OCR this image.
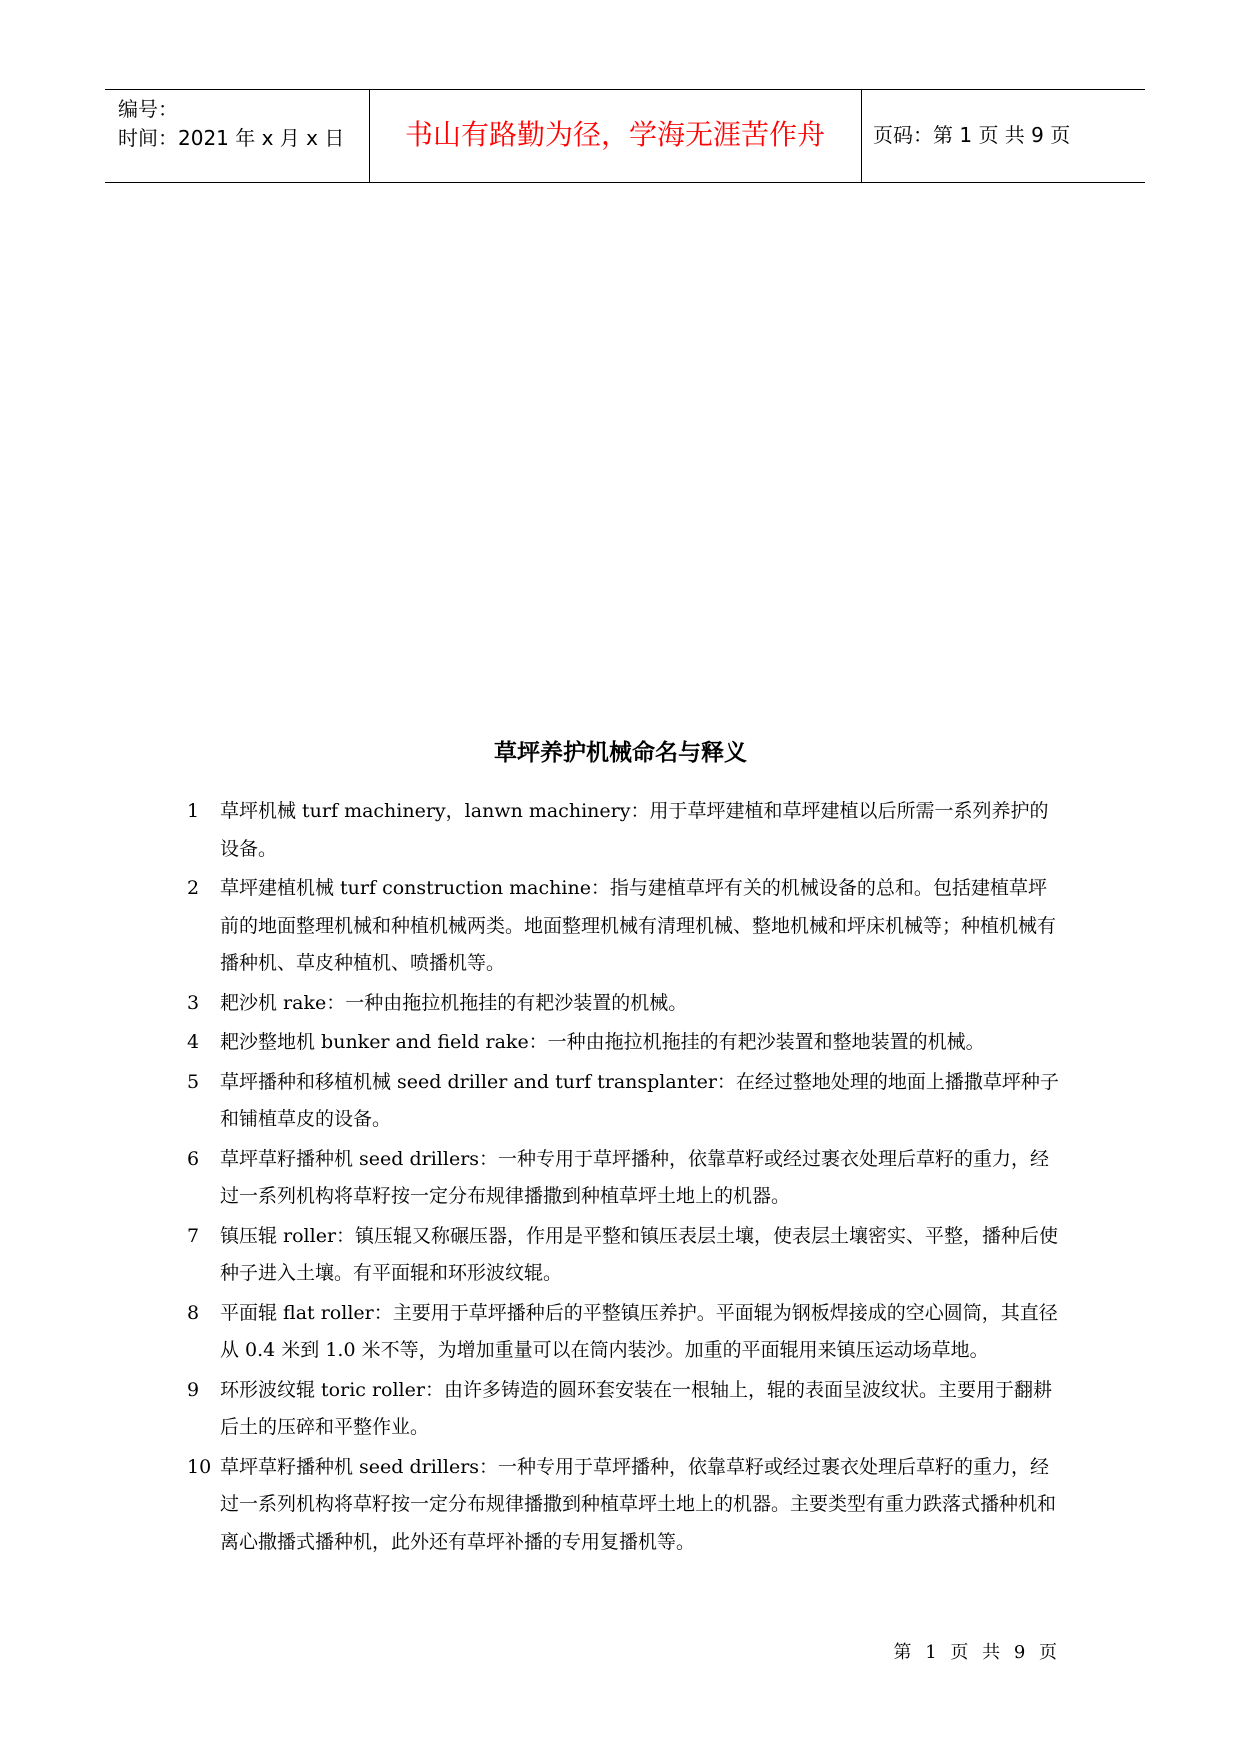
编号：
时间：2021 年 x 月 x 日	书山有路勤为径，学海无涯苦作舟	页码：第 1 页 共 9 页
草坪养护机械命名与释义
1 草坪机械 turf machinery，lanwn machinery：用于草坪建植和草坪建植以后所需一系列养护的设备。
2 草坪建植机械 turf construction machine：指与建植草坪有关的机械设备的总和。包括建植草坪前的地面整理机械和种植机械两类。地面整理机械有清理机械、整地机械和坪床机械等；种植机械有播种机、草皮种植机、喷播机等。
3 耙沙机 rake：一种由拖拉机拖挂的有耙沙装置的机械。
4 耙沙整地机 bunker and field rake：一种由拖拉机拖挂的有耙沙装置和整地装置的机械。
5 草坪播种和移植机械 seed driller and turf transplanter：在经过整地处理的地面上播撒草坪种子和铺植草皮的设备。
6 草坪草籽播种机 seed drillers：一种专用于草坪播种，依靠草籽或经过裹衣处理后草籽的重力，经过一系列机构将草籽按一定分布规律播撒到种植草坪土地上的机器。
7 镇压辊 roller：镇压辊又称碾压器，作用是平整和镇压表层土壤，使表层土壤密实、平整，播种后使种子进入土壤。有平面辊和环形波纹辊。
8 平面辊 flat roller：主要用于草坪播种后的平整镇压养护。平面辊为钢板焊接成的空心圆筒，其直径从 0.4 米到 1.0 米不等，为增加重量可以在筒内装沙。加重的平面辊用来镇压运动场草地。
9 环形波纹辊 toric roller：由许多铸造的圆环套安装在一根轴上，辊的表面呈波纹状。主要用于翻耕后土的压碎和平整作业。
10 草坪草籽播种机 seed drillers：一种专用于草坪播种，依靠草籽或经过裹衣处理后草籽的重力，经过一系列机构将草籽按一定分布规律播撒到种植草坪土地上的机器。主要类型有重力跌落式播种机和离心撒播式播种机，此外还有草坪补播的专用复播机等。
第 1 页 共 9 页
